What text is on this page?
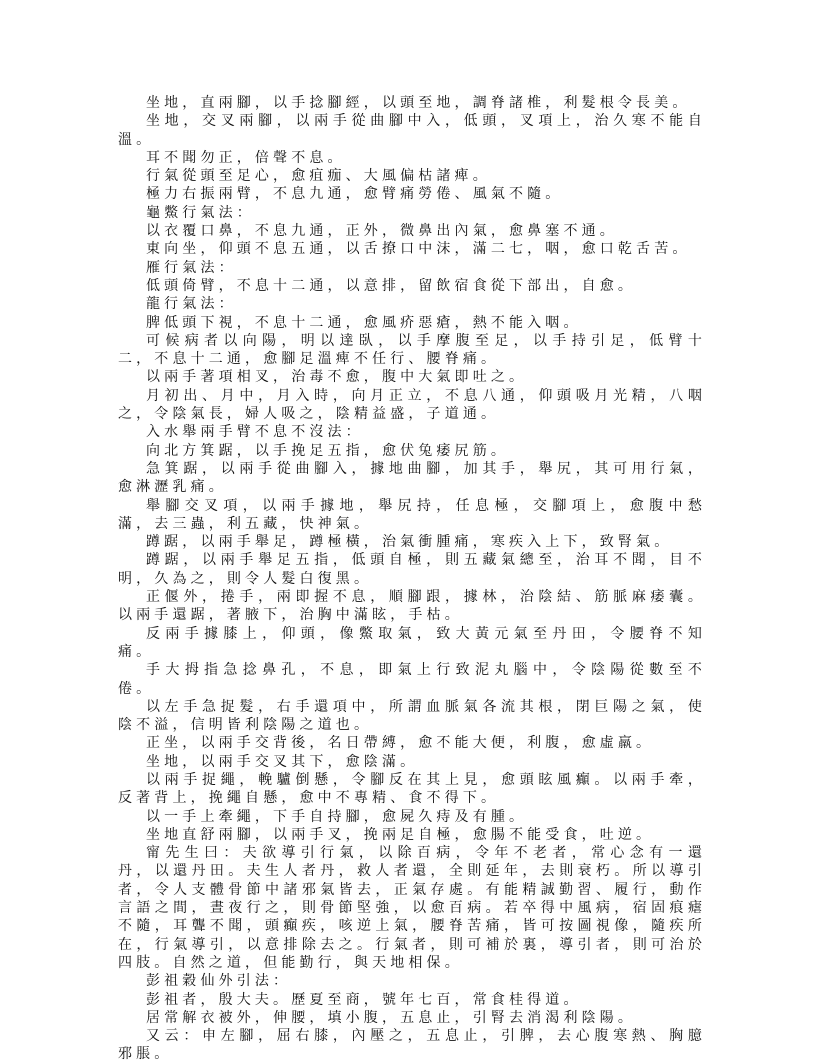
坐地，直兩腳，以手捻腳經，以頭至地，調脊諸椎，利髮根令長美。

坐地，交叉兩腳，以兩手從曲腳中入，低頭，叉項上，治久寒不能自溫。

耳不聞勿正，倍聲不息。

行氣從頭至足心，愈疽痂、大風偏枯諸痺。

極力右振兩臂，不息九通，愈臂痛勞倦、風氣不隨。

龜鱉行氣法：

以衣覆口鼻，不息九通，正外，微鼻出內氣，愈鼻塞不通。

東向坐，仰頭不息五通，以舌撩口中沫，滿二七，咽，愈口乾舌苦。

雁行氣法：

低頭倚臂，不息十二通，以意排，留飲宿食從下部出，自愈。

龍行氣法：

脾低頭下視，不息十二通，愈風疥惡瘡，熱不能入咽。

可候病者以向陽，明以達臥，以手摩腹至足，以手持引足，低臂十二，不息十二通，愈腳足溫痺不任行、腰脊痛。

以兩手著項相叉，治毒不愈，腹中大氣即吐之。

月初出、月中，月入時，向月正立，不息八通，仰頭吸月光精，八咽之，令陰氣長，婦人吸之，陰精益盛，子道通。

入水舉兩手臂不息不沒法：

向北方箕踞，以手挽足五指，愈伏兔痿尻筋。

急箕踞，以兩手從曲腳入，據地曲腳，加其手，舉尻，其可用行氣，愈淋瀝乳痛。

舉腳交叉項，以兩手據地，舉尻持，任息極，交腳項上，愈腹中愁滿，去三蟲，利五藏，快神氣。

蹲踞，以兩手舉足，蹲極橫，治氣衝腫痛，寒疾入上下，致腎氣。

蹲踞，以兩手舉足五指，低頭自極，則五藏氣總至，治耳不聞，目不明，久為之，則令人髮白復黑。

正偃外，捲手，兩即握不息，順腳跟，據林，治陰結、筋脈麻痿囊。以兩手還踞，著腋下，治胸中滿眩，手枯。

反兩手據膝上，仰頭，像鱉取氣，致大黃元氣至丹田，令腰脊不知痛。

手大拇指急捻鼻孔，不息，即氣上行致泥丸腦中，令陰陽從數至不倦。

以左手急捉髮，右手還項中，所謂血脈氣各流其根，閉巨陽之氣，使陰不溢，信明皆利陰陽之道也。

正坐，以兩手交背後，名日帶縛，愈不能大便，利腹，愈虛羸。

坐地，以兩手交叉其下，愈陰滿。

以兩手捉繩，輓驢倒懸，令腳反在其上見，愈頭眩風癲。以兩手牽，反著背上，挽繩自懸，愈中不專精、食不得下。

以一手上牽繩，下手自持腳，愈屍久痔及有腫。

坐地直舒兩腳，以兩手叉，挽兩足自極，愈腸不能受食，吐逆。

甯先生曰：夫欲導引行氣，以除百病，令年不老者，常心念有一還丹，以還丹田。夫生人者丹，救人者還，全則延年，去則衰朽。所以導引者，令人支體骨節中諸邪氣皆去，正氣存處。有能精誠勤習、履行，動作言語之間，晝夜行之，則骨節堅強，以愈百病。若卒得中風病，宿固痕瘧不隨，耳聾不聞，頭癲疾，咳逆上氣，腰脊苦痛，皆可按圖視像，隨疾所在，行氣導引，以意排除去之。行氣者，則可補於裏，導引者，則可治於四肢。自然之道，但能勤行，與天地相保。

彭祖穀仙外引法：

彭祖者，殷大夫。歷夏至商，號年七百，常食桂得道。

居常解衣被外，伸腰，填小腹，五息止，引腎去消渴利陰陽。

又云：申左腳，屈右膝，內壓之，五息止，引脾，去心腹寒熱、胸臆邪脹。
